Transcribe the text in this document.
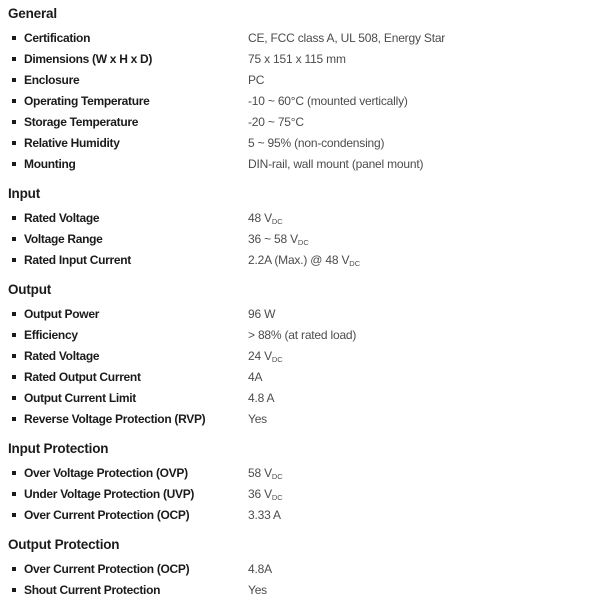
General
Certification	CE, FCC class A, UL 508, Energy Star
Dimensions (W x H x D)	75 x 151 x 115 mm
Enclosure	PC
Operating Temperature	-10 ~ 60°C (mounted vertically)
Storage Temperature	-20 ~ 75°C
Relative Humidity	5 ~ 95% (non-condensing)
Mounting	DIN-rail, wall mount (panel mount)
Input
Rated Voltage	48 $V_{DC}$
Voltage Range	36 ~ 58 $V_{DC}$
Rated Input Current	2.2A (Max.) @ 48 $V_{DC}$
Output
Output Power	96 W
Efficiency	> 88% (at rated load)
Rated Voltage	24 $V_{DC}$
Rated Output Current	4A
Output Current Limit	4.8 A
Reverse Voltage Protection (RVP)	Yes
Input Protection
Over Voltage Protection (OVP)	58 $V_{DC}$
Under Voltage Protection (UVP)	36 $V_{DC}$
Over Current Protection (OCP)	3.33 A
Output Protection
Over Current Protection (OCP)	4.8A
Shout Current Protection	Yes
